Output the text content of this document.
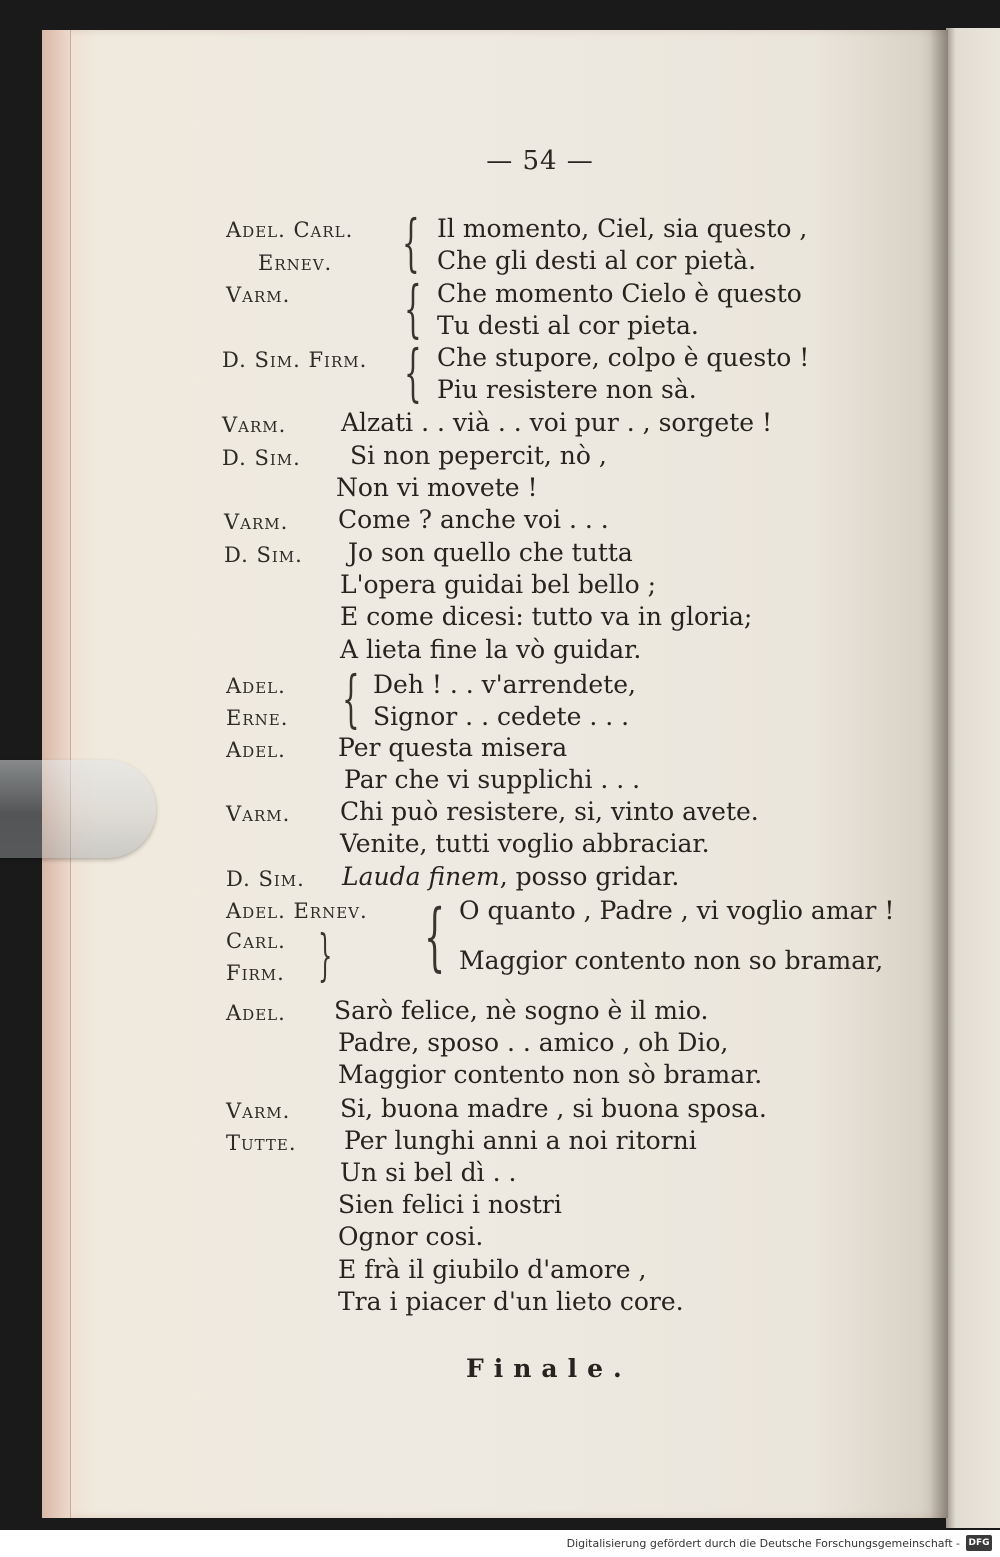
— 54 —
Adel. Carl.
Ernev. { Il momento, Ciel, sia questo ,
Che gli desti al cor pietà.
Varm. { Che momento Cielo è questo
Tu desti al cor pieta.
D. Sim. Firm. { Che stupore, colpo è questo !
Piu resistere non sà.
Varm. Alzati . . vià . . voi pur . , sorgete !
D. Sim. Si non pepercit, nò ,
Non vi movete !
Varm. Come ? anche voi . . .
D. Sim. Jo son quello che tutta
L'opera guidai bel bello ;
E come dicesi: tutto va in gloria;
A lieta fine la vò guidar.
Adel.
Erne. { Deh ! . . v'arrendete,
Signor . . cedete . . .
Adel. Per questa misera
Par che vi supplichi . . .
Varm. Chi può resistere, si, vinto avete.
Venite, tutti voglio abbraciar.
D. Sim. Lauda finem, posso gridar.
Adel. Ernev.
Carl.
Firm. } { O quanto , Padre , vi voglio amar !
Maggior contento non so bramar,
Adel. Sarò felice, nè sogno è il mio.
Padre, sposo . . amico , oh Dio,
Maggior contento non sò bramar.
Varm. Si, buona madre , si buona sposa.
Tutte. Per lunghi anni a noi ritorni
Un si bel dì . .
Sien felici i nostri
Ognor cosi.
E frà il giubilo d'amore ,
Tra i piacer d'un lieto core.
Finale.
Digitalisierung gefördert durch die Deutsche Forschungsgemeinschaft - DFG
